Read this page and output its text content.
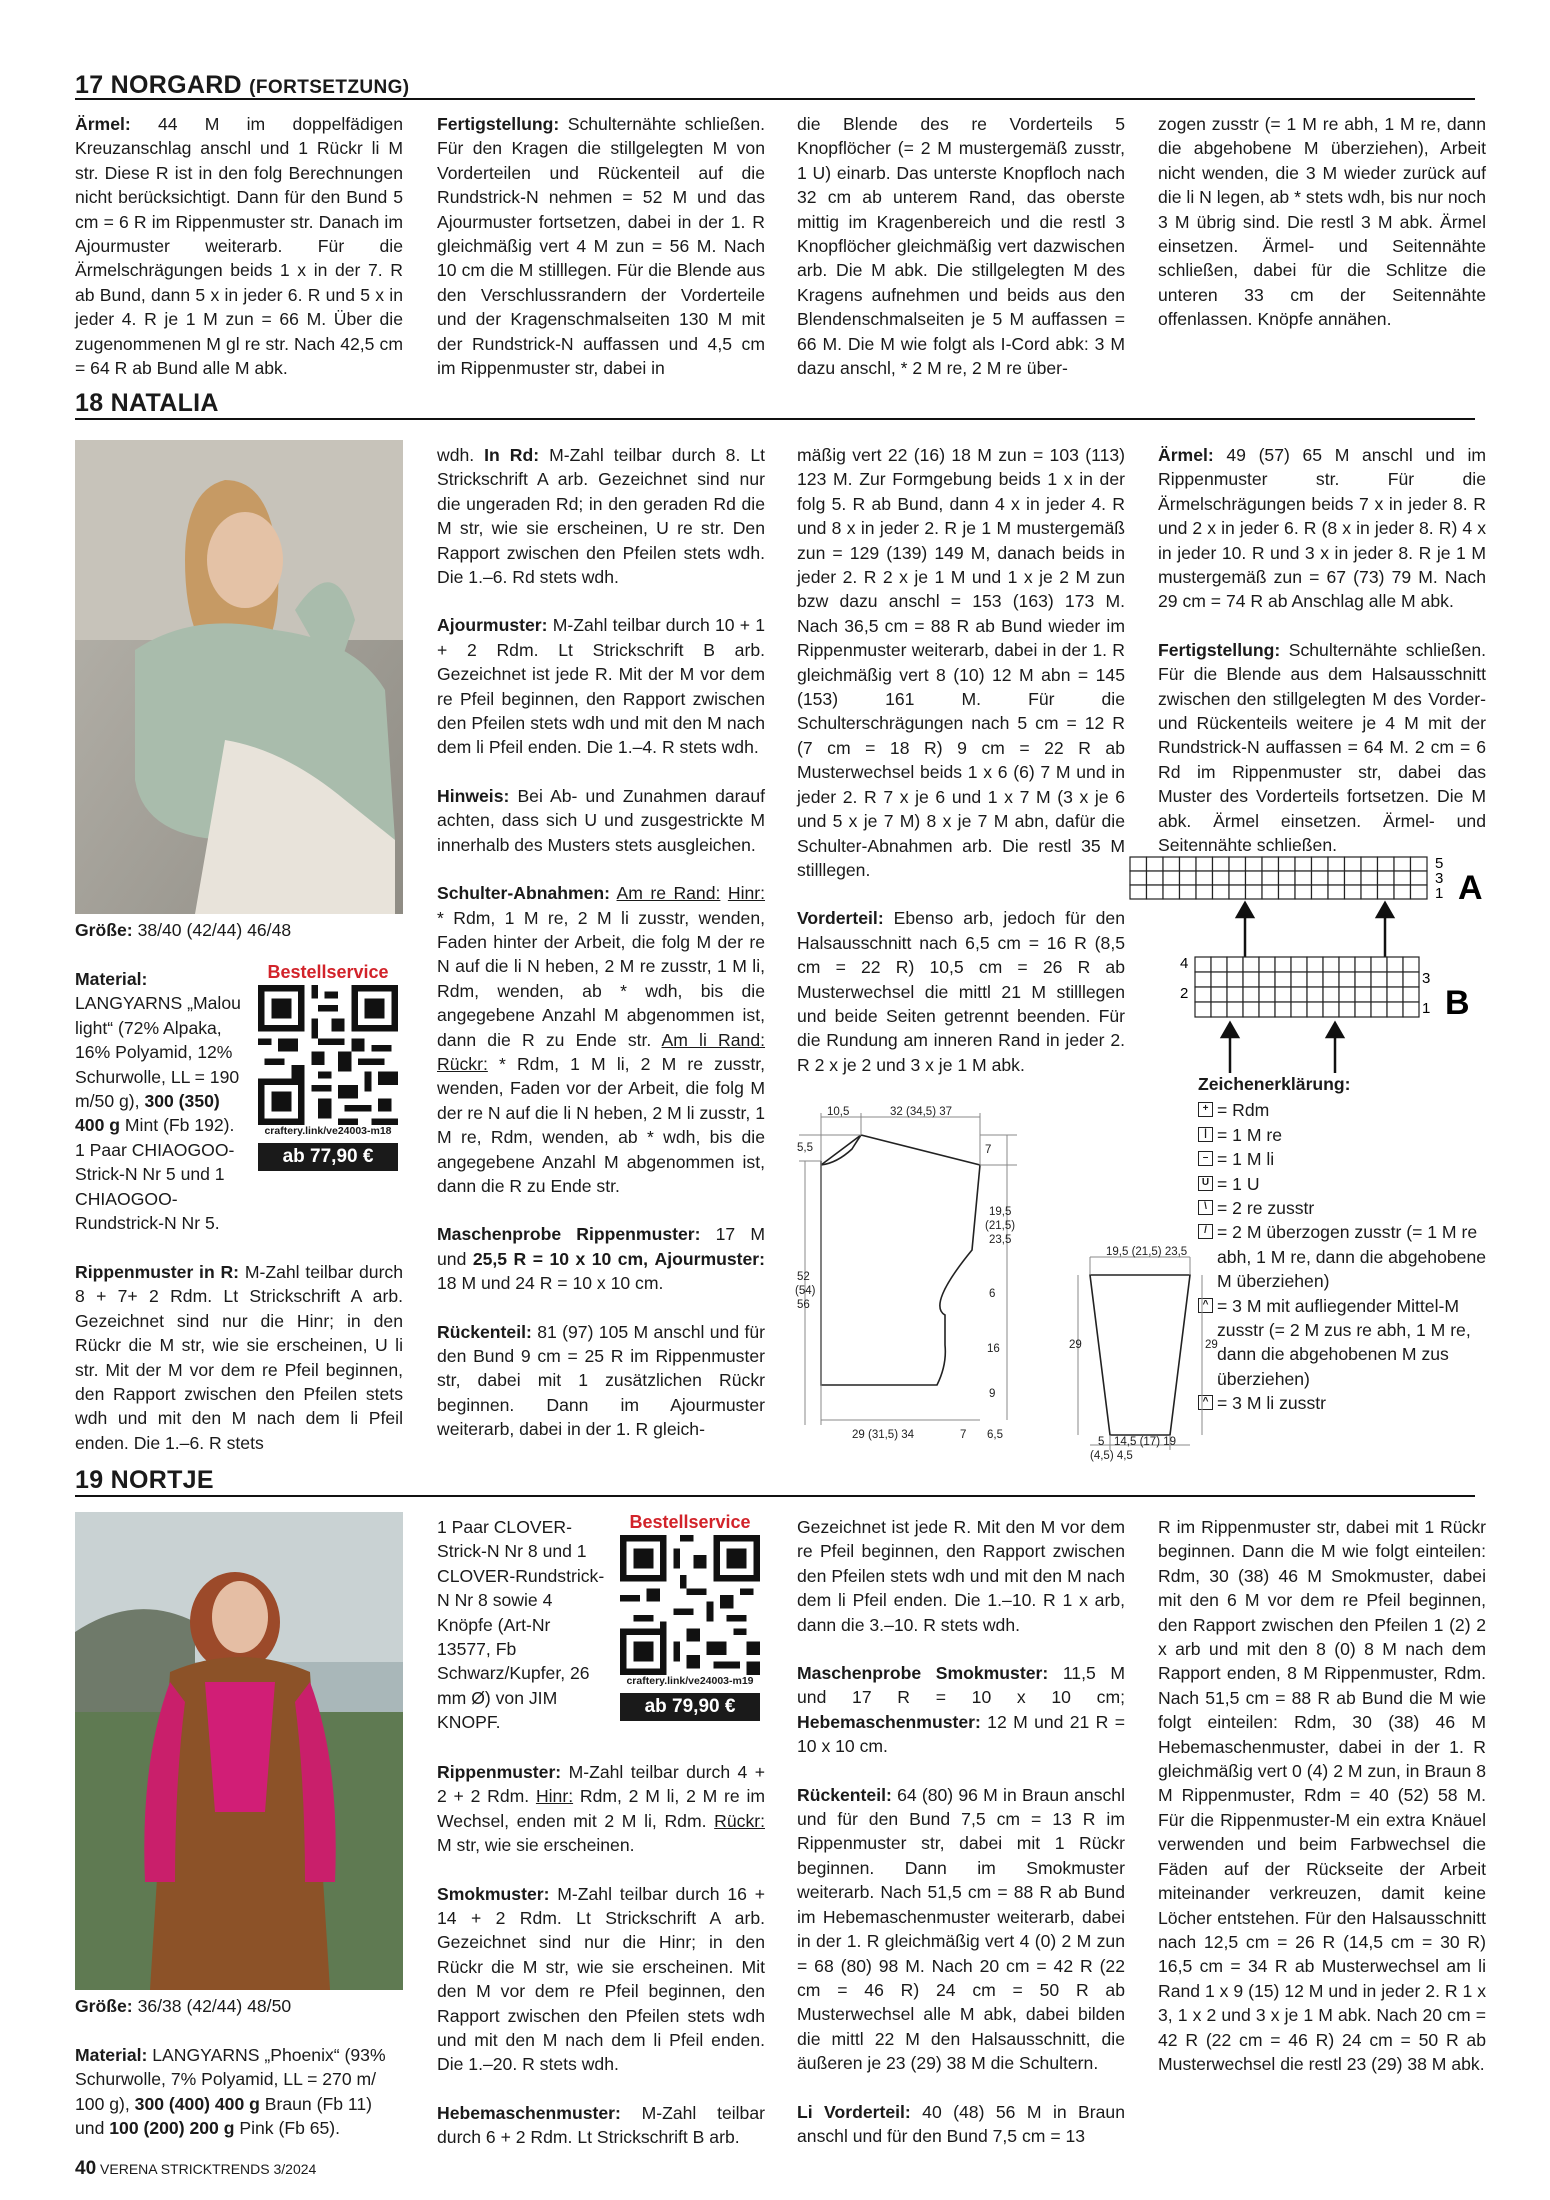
17 NORGARD (FORTSETZUNG)
Ärmel: 44 M im doppelfädigen Kreuzanschlag anschl und 1 Rückr li M str. Diese R ist in den folg Berechnungen nicht berücksichtigt. Dann für den Bund 5 cm = 6 R im Rippenmuster str. Danach im Ajourmuster weiterarb. Für die Ärmelschrägungen beids 1 x in der 7. R ab Bund, dann 5 x in jeder 6. R und 5 x in jeder 4. R je 1 M zun = 66 M. Über die zugenommenen M gl re str. Nach 42,5 cm = 64 R ab Bund alle M abk.
Fertigstellung: Schulternähte schließen. Für den Kragen die stillgelegten M von Vorderteilen und Rückenteil auf die Rundstrick-N nehmen = 52 M und das Ajourmuster fortsetzen, dabei in der 1. R gleichmäßig vert 4 M zun = 56 M. Nach 10 cm die M stilllegen. Für die Blende aus den Verschlussrandern der Vorderteile und der Kragenschmalseiten 130 M mit der Rundstrick-N auffassen und 4,5 cm im Rippenmuster str, dabei in
die Blende des re Vorderteils 5 Knopflöcher (= 2 M mustergemäß zusstr, 1 U) einarb. Das unterste Knopfloch nach 32 cm ab unterem Rand, das oberste mittig im Kragenbereich und die restl 3 Knopflöcher gleichmäßig vert dazwischen arb. Die M abk. Die stillgelegten M des Kragens aufnehmen und beids aus den Blendenschmalseiten je 5 M auffassen = 66 M. Die M wie folgt als I-Cord abk: 3 M dazu anschl, * 2 M re, 2 M re über-
zogen zusstr (= 1 M re abh, 1 M re, dann die abgehobene M überziehen), Arbeit nicht wenden, die 3 M wieder zurück auf die li N legen, ab * stets wdh, bis nur noch 3 M übrig sind. Die restl 3 M abk. Ärmel einsetzen. Ärmel- und Seitennähte schließen, dabei für die Schlitze die unteren 33 cm der Seitennähte offenlassen. Knöpfe annähen.
18 NATALIA
Größe: 38/40 (42/44) 46/48
Material: LANGYARNS „Malou light“ (72% Alpaka, 16% Polyamid, 12% Schurwolle, LL = 190 m/50 g), 300 (350) 400 g Mint (Fb 192). 1 Paar CHIAOGOO-Strick-N Nr 5 und 1 CHIAOGOO-Rundstrick-N Nr 5.
Bestellservice
craftery.link/ve24003-m18
ab 77,90 €
Rippenmuster in R: M-Zahl teilbar durch 8 + 7+ 2 Rdm. Lt Strickschrift A arb. Gezeichnet sind nur die Hinr; in den Rückr die M str, wie sie erscheinen, U li str. Mit der M vor dem re Pfeil beginnen, den Rapport zwischen den Pfeilen stets wdh und mit den M nach dem li Pfeil enden. Die 1.–6. R stets

wdh. In Rd: M-Zahl teilbar durch 8. Lt Strickschrift A arb. Gezeichnet sind nur die ungeraden Rd; in den geraden Rd die M str, wie sie erscheinen, U re str. Den Rapport zwischen den Pfeilen stets wdh. Die 1.–6. Rd stets wdh.

Ajourmuster: M-Zahl teilbar durch 10 + 1 + 2 Rdm. Lt Strickschrift B arb. Gezeichnet ist jede R. Mit der M vor dem re Pfeil beginnen, den Rapport zwischen den Pfeilen stets wdh und mit den M nach dem li Pfeil enden. Die 1.–4. R stets wdh.

Hinweis: Bei Ab- und Zunahmen darauf achten, dass sich U und zusgestrickte M innerhalb des Musters stets ausgleichen.

Schulter-Abnahmen: Am re Rand: Hinr: * Rdm, 1 M re, 2 M li zusstr, wenden, Faden hinter der Arbeit, die folg M der re N auf die li N heben, 2 M re zusstr, 1 M li, Rdm, wenden, ab * wdh, bis die angegebene Anzahl M abgenommen ist, dann die R zu Ende str. Am li Rand: Rückr: * Rdm, 1 M li, 2 M re zusstr, wenden, Faden vor der Arbeit, die folg M der re N auf die li N heben, 2 M li zusstr, 1 M re, Rdm, wenden, ab * wdh, bis die angegebene Anzahl M abgenommen ist, dann die R zu Ende str.

Maschenprobe Rippenmuster: 17 M und 25,5 R = 10 x 10 cm, Ajourmuster: 18 M und 24 R = 10 x 10 cm.

Rückenteil: 81 (97) 105 M anschl und für den Bund 9 cm = 25 R im Rippenmuster str, dabei mit 1 zusätzlichen Rückr beginnen. Dann im Ajourmuster weiterarb, dabei in der 1. R gleich-

mäßig vert 22 (16) 18 M zun = 103 (113) 123 M. Zur Formgebung beids 1 x in der folg 5. R ab Bund, dann 4 x in jeder 4. R und 8 x in jeder 2. R je 1 M mustergemäß zun = 129 (139) 149 M, danach beids in jeder 2. R 2 x je 1 M und 1 x je 2 M zun bzw dazu anschl = 153 (163) 173 M. Nach 36,5 cm = 88 R ab Bund wieder im Rippenmuster weiterarb, dabei in der 1. R gleichmäßig vert 8 (10) 12 M abn = 145 (153) 161 M. Für die Schulterschrägungen nach 5 cm = 12 R (7 cm = 18 R) 9 cm = 22 R ab Musterwechsel beids 1 x 6 (6) 7 M und in jeder 2. R 7 x je 6 und 1 x 7 M (3 x je 6 und 5 x je 7 M) 8 x je 7 M abn, dafür die Schulter-Abnahmen arb. Die restl 35 M stilllegen.

Vorderteil: Ebenso arb, jedoch für den Halsausschnitt nach 6,5 cm = 16 R (8,5 cm = 22 R) 10,5 cm = 26 R ab Musterwechsel die mittl 21 M stilllegen und beide Seiten getrennt beenden. Für die Rundung am inneren Rand in jeder 2. R 2 x je 2 und 3 x je 1 M abk.

Ärmel: 49 (57) 65 M anschl und im Rippenmuster str. Für die Ärmelschrägungen beids 7 x in jeder 8. R und 2 x in jeder 6. R (8 x in jeder 8. R) 4 x in jeder 10. R und 3 x in jeder 8. R je 1 M mustergemäß zun = 67 (73) 79 M. Nach 29 cm = 74 R ab Anschlag alle M abk.

Fertigstellung: Schulternähte schließen. Für die Blende aus dem Halsausschnitt zwischen den stillgelegten M des Vorder- und Rückenteils weitere je 4 M mit der Rundstrick-N auffassen = 64 M. 2 cm = 6 Rd im Rippenmuster str, dabei das Muster des Vorderteils fortsetzen. Die M abk. Ärmel einsetzen. Ärmel- und Seitennähte schließen.

5
3
1 A
4
2
3
1 B
Zeichenerklärung:
+ = Rdm
| = 1 M re
– = 1 M li
U = 1 U
\ = 2 re zusstr
/ = 2 M überzogen zusstr (= 1 M re abh, 1 M re, dann die abgehobene M überziehen)
^ = 3 M mit aufliegender Mittel-M zusstr (= 2 M zus re abh, 1 M re, dann die abgehobenen M zus überziehen)
^ = 3 M li zusstr
10,5	32 (34,5) 37
5,5	7
19,5
(21,5)
23,5
52
(54)
56
6
16
9
29 (31,5) 34	7 6,5
19,5 (21,5) 23,5
29	29
5
(4,5) 4,5
14,5 (17) 19
19 NORTJE
Größe: 36/38 (42/44) 48/50
Material: LANGYARNS „Phoenix“ (93% Schurwolle, 7% Polyamid, LL = 270 m/ 100 g), 300 (400) 400 g Braun (Fb 11) und 100 (200) 200 g Pink (Fb 65).
1 Paar CLOVER-Strick-N Nr 8 und 1 CLOVER-Rundstrick-N Nr 8 sowie 4 Knöpfe (Art-Nr 13577, Fb Schwarz/Kupfer, 26 mm Ø) von JIM KNOPF.
Bestellservice
craftery.link/ve24003-m19
ab 79,90 €

Rippenmuster: M-Zahl teilbar durch 4 + 2 + 2 Rdm. Hinr: Rdm, 2 M li, 2 M re im Wechsel, enden mit 2 M li, Rdm. Rückr: M str, wie sie erscheinen.

Smokmuster: M-Zahl teilbar durch 16 + 14 + 2 Rdm. Lt Strickschrift A arb. Gezeichnet sind nur die Hinr; in den Rückr die M str, wie sie erscheinen. Mit den M vor dem re Pfeil beginnen, den Rapport zwischen den Pfeilen stets wdh und mit den M nach dem li Pfeil enden. Die 1.–20. R stets wdh.

Hebemaschenmuster: M-Zahl teilbar durch 6 + 2 Rdm. Lt Strickschrift B arb.

Gezeichnet ist jede R. Mit den M vor dem re Pfeil beginnen, den Rapport zwischen den Pfeilen stets wdh und mit den M nach dem li Pfeil enden. Die 1.–10. R 1 x arb, dann die 3.–10. R stets wdh.

Maschenprobe Smokmuster: 11,5 M und 17 R = 10 x 10 cm; Hebemaschenmuster: 12 M und 21 R = 10 x 10 cm.

Rückenteil: 64 (80) 96 M in Braun anschl und für den Bund 7,5 cm = 13 R im Rippenmuster str, dabei mit 1 Rückr beginnen. Dann im Smokmuster weiterarb. Nach 51,5 cm = 88 R ab Bund im Hebemaschenmuster weiterarb, dabei in der 1. R gleichmäßig vert 4 (0) 2 M zun = 68 (80) 98 M. Nach 20 cm = 42 R (22 cm = 46 R) 24 cm = 50 R ab Musterwechsel alle M abk, dabei bilden die mittl 22 M den Halsausschnitt, die äußeren je 23 (29) 38 M die Schultern.

Li Vorderteil: 40 (48) 56 M in Braun anschl und für den Bund 7,5 cm = 13

R im Rippenmuster str, dabei mit 1 Rückr beginnen. Dann die M wie folgt einteilen: Rdm, 30 (38) 46 M Smokmuster, dabei mit den 6 M vor dem re Pfeil beginnen, den Rapport zwischen den Pfeilen 1 (2) 2 x arb und mit den 8 (0) 8 M nach dem Rapport enden, 8 M Rippenmuster, Rdm. Nach 51,5 cm = 88 R ab Bund die M wie folgt einteilen: Rdm, 30 (38) 46 M Hebemaschenmuster, dabei in der 1. R gleichmäßig vert 0 (4) 2 M zun, in Braun 8 M Rippenmuster, Rdm = 40 (52) 58 M. Für die Rippenmuster-M ein extra Knäuel verwenden und beim Farbwechsel die Fäden auf der Rückseite der Arbeit miteinander verkreuzen, damit keine Löcher entstehen. Für den Halsausschnitt nach 12,5 cm = 26 R (14,5 cm = 30 R) 16,5 cm = 34 R ab Musterwechsel am li Rand 1 x 9 (15) 12 M und in jeder 2. R 1 x 3, 1 x 2 und 3 x je 1 M abk. Nach 20 cm = 42 R (22 cm = 46 R) 24 cm = 50 R ab Musterwechsel die restl 23 (29) 38 M abk.
40 VERENA STRICKTRENDS 3/2024
